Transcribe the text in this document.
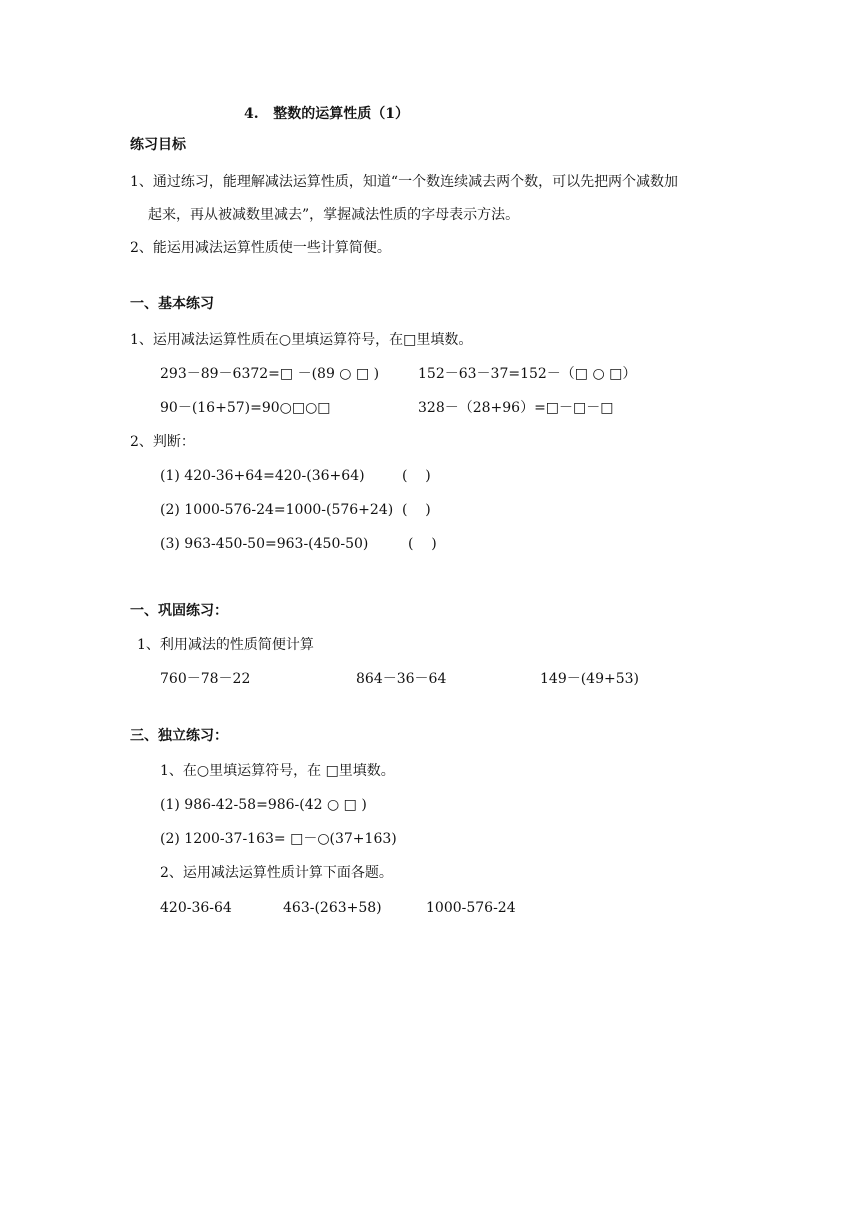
4.   整数的运算性质（1）
练习目标
1、通过练习，能理解减法运算性质，知道“一个数连续减去两个数，可以先把两个减数加
起来，再从被减数里减去”，掌握减法性质的字母表示方法。
2、能运用减法运算性质使一些计算简便。
一、基本练习
1、运用减法运算性质在○里填运算符号，在□里填数。
293－89－6372=□ －(89 ○ □ )	152－63－37=152－（□ ○ □）
90－(16+57)=90○□○□	328－（28+96）=□－□－□
2、判断：
(1) 420-36+64=420-(36+64)	(    )
(2) 1000-576-24=1000-(576+24) (    )
(3) 963-450-50=963-(450-50)	(    )
一、巩固练习：
1、利用减法的性质简便计算
760－78－22	864－36－64	149－(49+53)
三、独立练习：
1、在○里填运算符号，在 □里填数。
(1) 986-42-58=986-(42 ○ □ )
(2) 1200-37-163= □－○(37+163)
2、运用减法运算性质计算下面各题。
420-36-64	463-(263+58)	1000-576-24
